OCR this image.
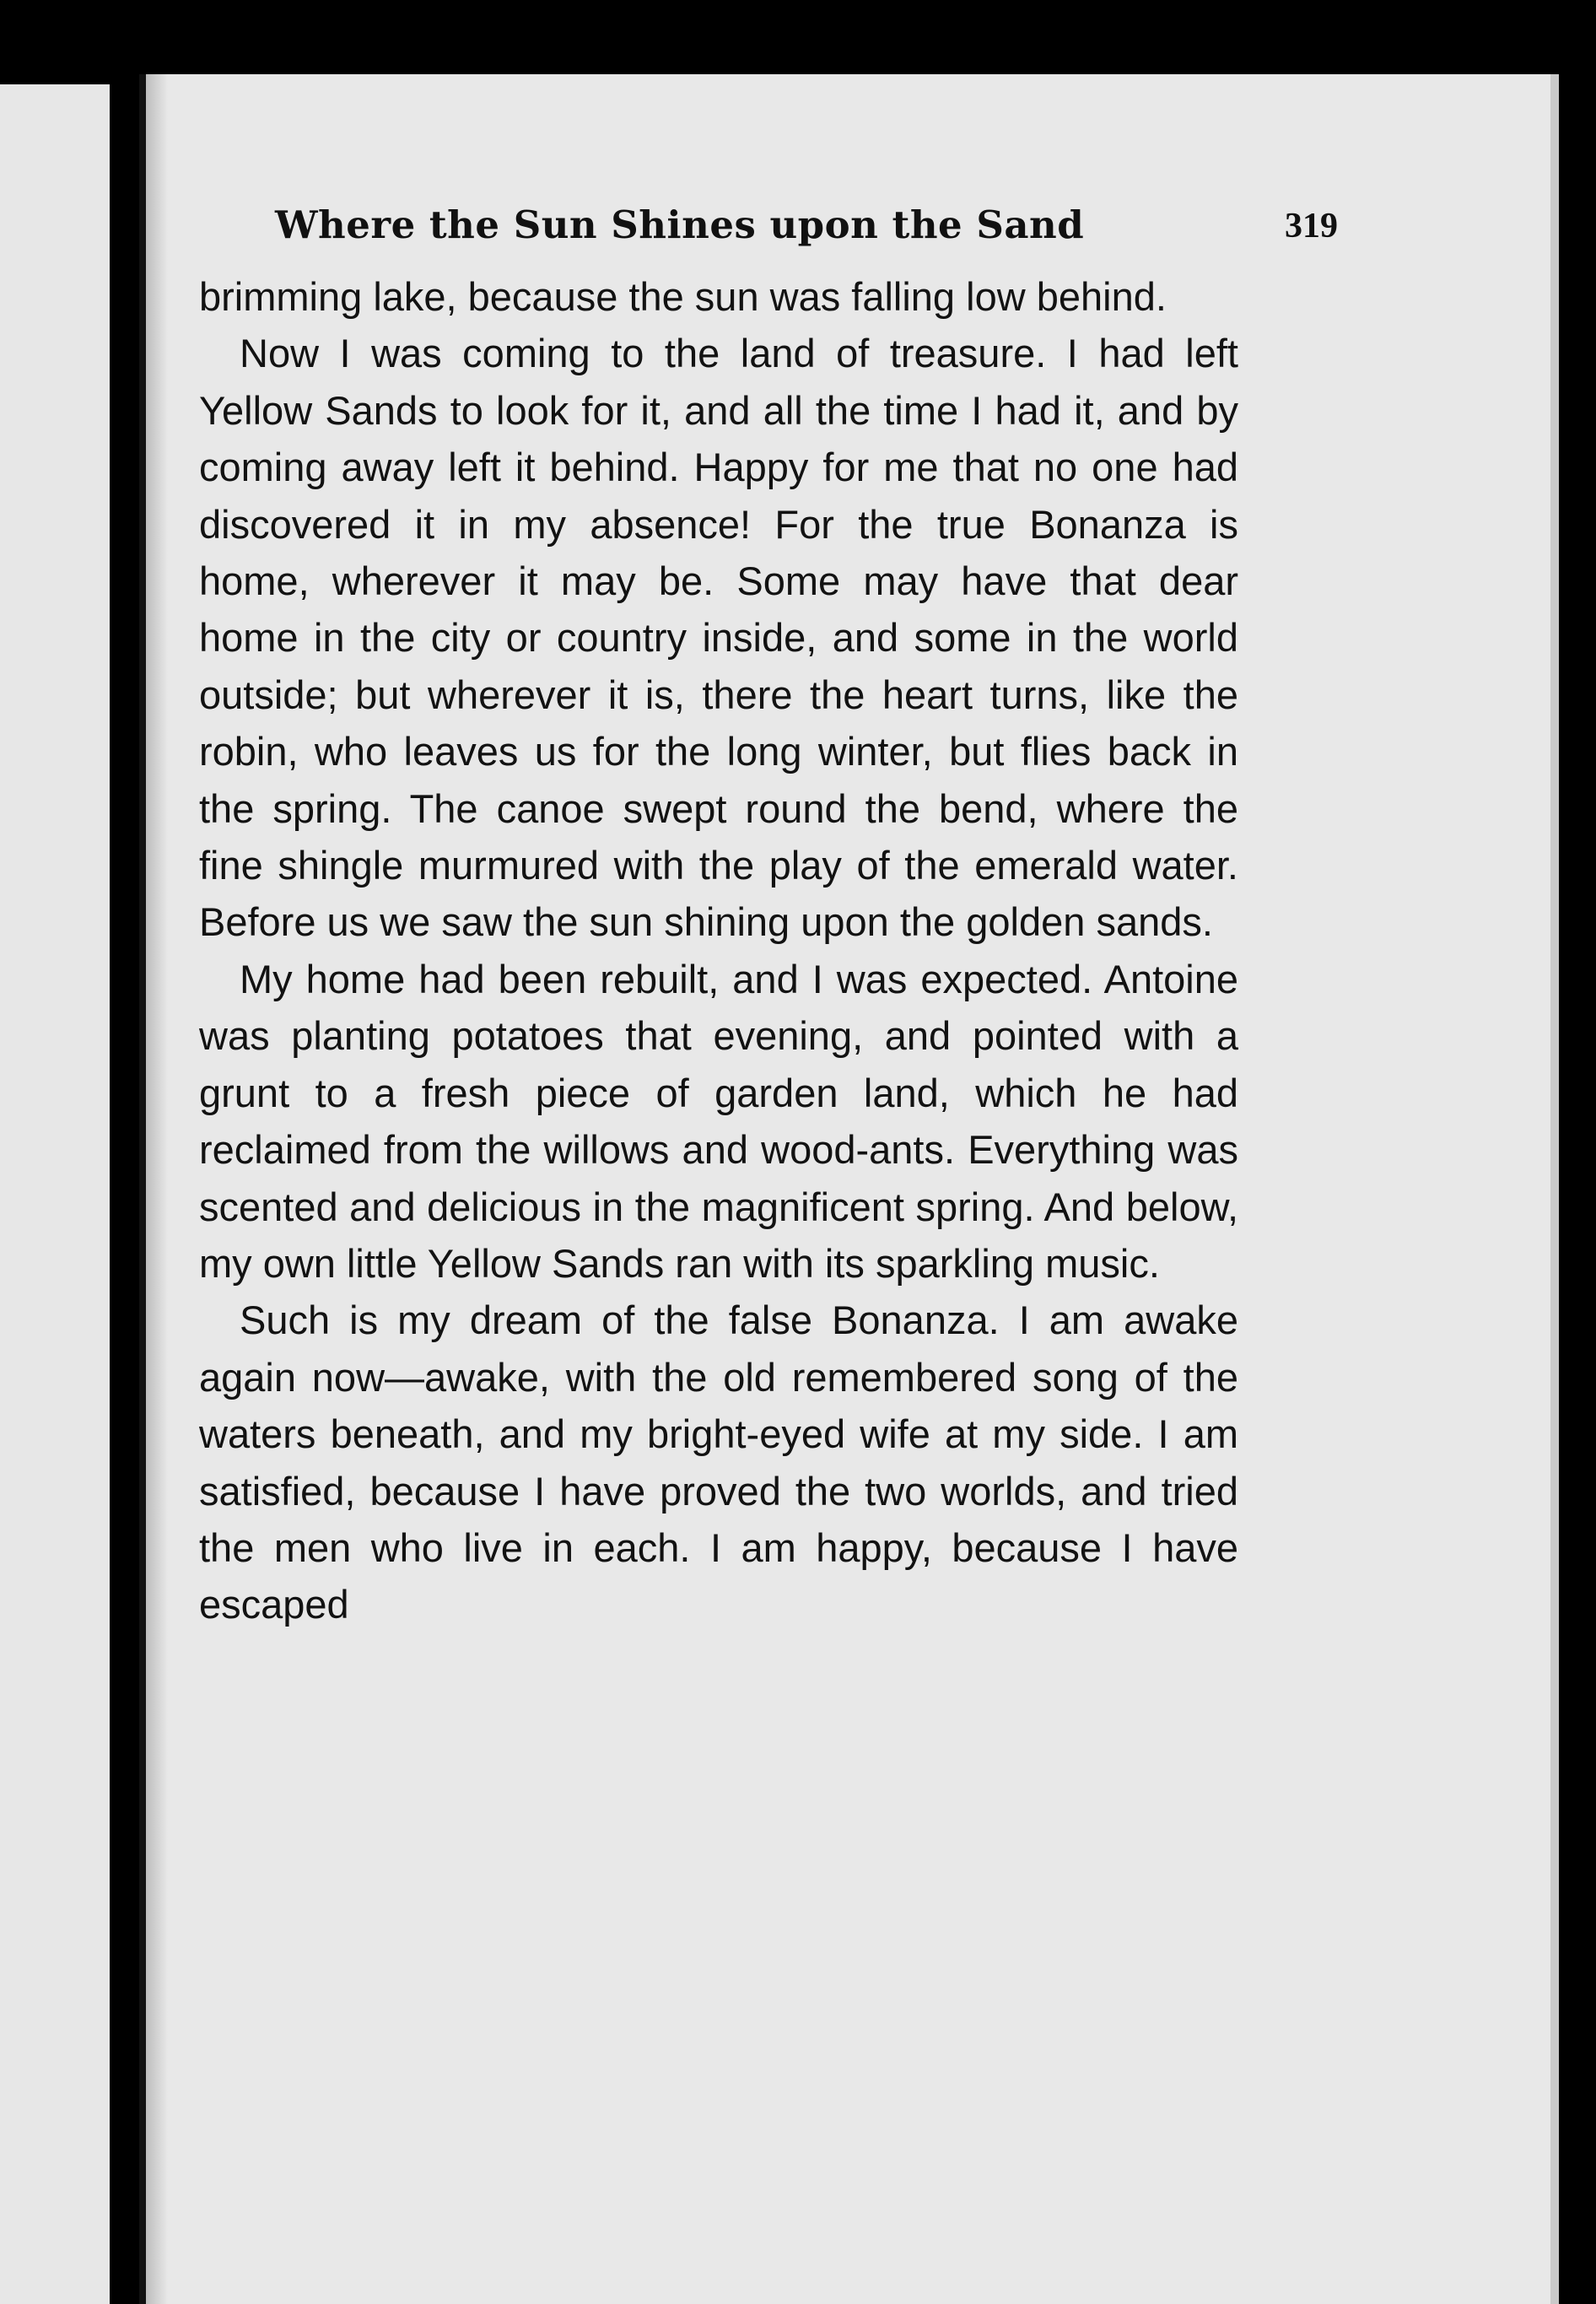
Where the Sun Shines upon the Sand	319

brimming lake, because the sun was falling low behind.

Now I was coming to the land of treasure. I had left Yellow Sands to look for it, and all the time I had it, and by coming away left it behind. Happy for me that no one had discovered it in my absence! For the true Bonanza is home, wherever it may be. Some may have that dear home in the city or country inside, and some in the world outside; but wherever it is, there the heart turns, like the robin, who leaves us for the long winter, but flies back in the spring. The canoe swept round the bend, where the fine shingle murmured with the play of the emerald water. Before us we saw the sun shining upon the golden sands.

My home had been rebuilt, and I was expected. Antoine was planting potatoes that evening, and pointed with a grunt to a fresh piece of garden land, which he had reclaimed from the willows and wood-ants. Everything was scented and delicious in the magnificent spring. And below, my own little Yellow Sands ran with its sparkling music.

Such is my dream of the false Bonanza. I am awake again now—awake, with the old remembered song of the waters beneath, and my bright-eyed wife at my side. I am satisfied, because I have proved the two worlds, and tried the men who live in each. I am happy, because I have escaped
